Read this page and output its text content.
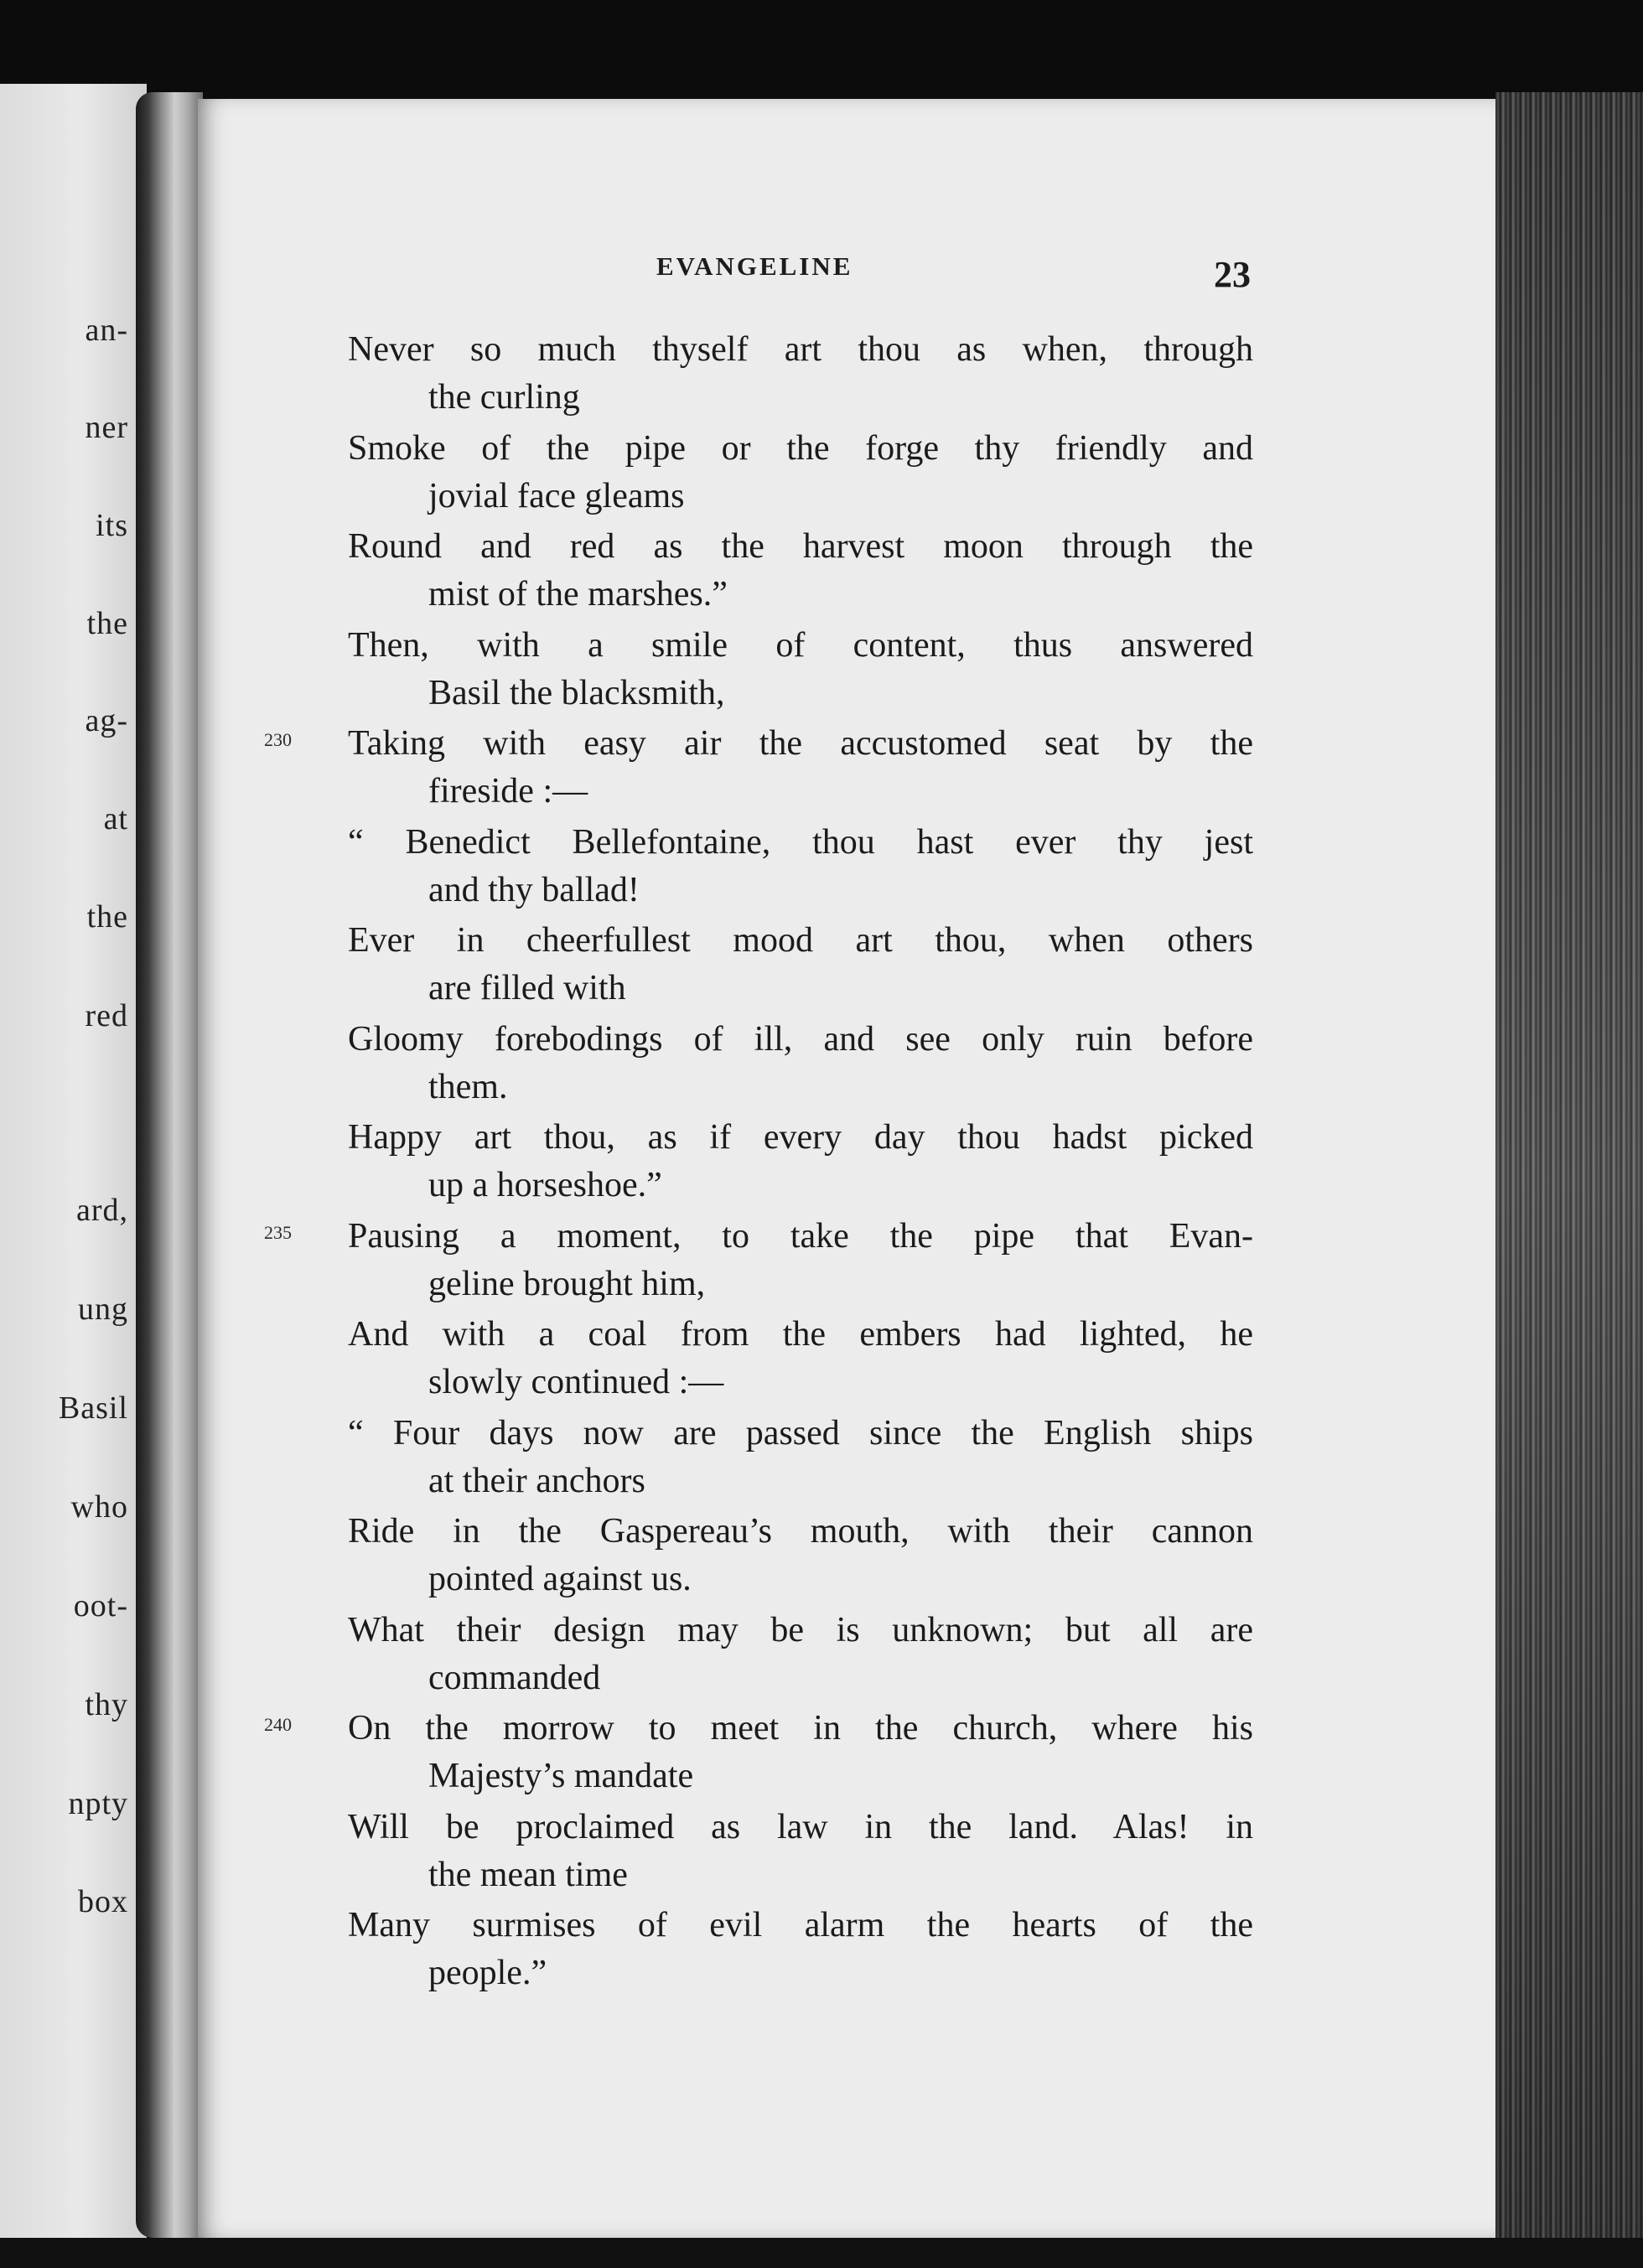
an-
ner
its
the
ag-
at
the
red
ard,
ung
Basil
who
oot-
thy
npty
box
EVANGELINE	23
Never so much thyself art thou as when, through
the curling
Smoke of the pipe or the forge thy friendly and
jovial face gleams
Round and red as the harvest moon through the
mist of the marshes.”
Then, with a smile of content, thus answered
Basil the blacksmith,
Taking with easy air the accustomed seat by the
fireside :—
230
“ Benedict Bellefontaine, thou hast ever thy jest
and thy ballad!
Ever in cheerfullest mood art thou, when others
are filled with
Gloomy forebodings of ill, and see only ruin before
them.
Happy art thou, as if every day thou hadst picked
up a horseshoe.”
Pausing a moment, to take the pipe that Evan-
geline brought him,
235
And with a coal from the embers had lighted, he
slowly continued :—
“ Four days now are passed since the English ships
at their anchors
Ride in the Gaspereau’s mouth, with their cannon
pointed against us.
What their design may be is unknown; but all are
commanded
On the morrow to meet in the church, where his
Majesty’s mandate
240
Will be proclaimed as law in the land. Alas! in
the mean time
Many surmises of evil alarm the hearts of the
people.”
